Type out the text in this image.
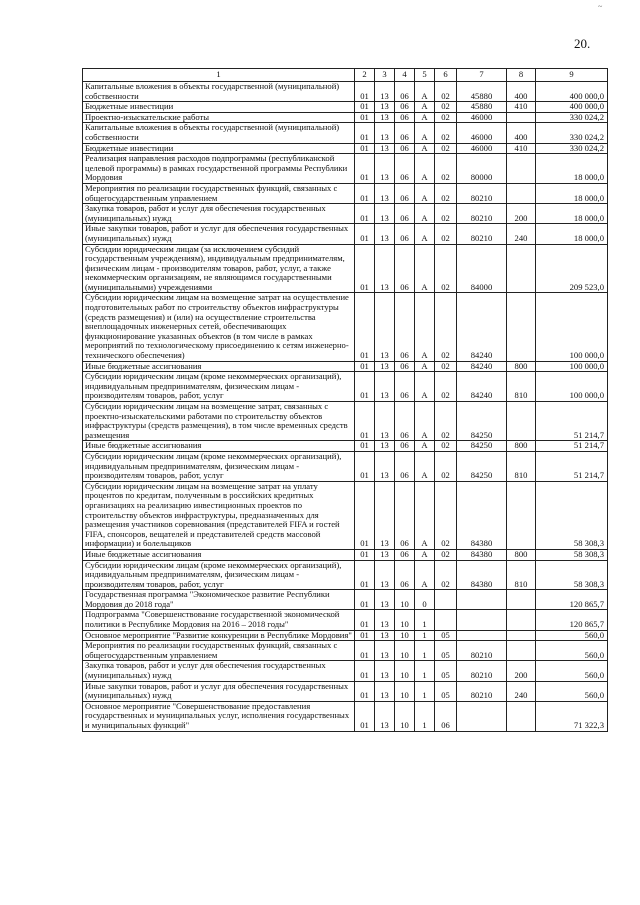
20.
~
1	2	3	4	5	6	7	8	9
Капитальные вложения в объекты государственной (муниципальной) собственности	01	13	06	А	02	45880	400	400 000,0
Бюджетные инвестиции	01	13	06	А	02	45880	410	400 000,0
Проектно-изыскательские работы	01	13	06	А	02	46000		330 024,2
Капитальные вложения в объекты государственной (муниципальной) собственности	01	13	06	А	02	46000	400	330 024,2
Бюджетные инвестиции	01	13	06	А	02	46000	410	330 024,2
Реализация направления расходов подпрограммы (республиканской целевой программы) в рамках государственной программы Республики Мордовия	01	13	06	А	02	80000		18 000,0
Мероприятия по реализации государственных функций, связанных с общегосударственным управлением	01	13	06	А	02	80210		18 000,0
Закупка товаров, работ и услуг для обеспечения государственных (муниципальных) нужд	01	13	06	А	02	80210	200	18 000,0
Иные закупки товаров, работ и услуг для обеспечения государственных (муниципальных) нужд	01	13	06	А	02	80210	240	18 000,0
Субсидии юридическим лицам (за исключением субсидий государственным учреждениям), индивидуальным предпринимателям, физическим лицам - производителям товаров, работ, услуг, а также некоммерческим организациям, не являющимся государственными (муниципальными) учреждениями	01	13	06	А	02	84000		209 523,0
Субсидии юридическим лицам на возмещение затрат на осуществление подготовительных работ по строительству объектов инфраструктуры (средств размещения) и (или) на осуществление строительства внеплощадочных инженерных сетей, обеспечивающих функционирование указанных объектов (в том числе в рамках мероприятий по технологическому присоединению к сетям инженерно-технического обеспечения)	01	13	06	А	02	84240		100 000,0
Иные бюджетные ассигнования	01	13	06	А	02	84240	800	100 000,0
Субсидии юридическим лицам (кроме некоммерческих организаций), индивидуальным предпринимателям, физическим лицам - производителям товаров, работ, услуг	01	13	06	А	02	84240	810	100 000,0
Субсидии юридическим лицам на возмещение затрат, связанных с проектно-изыскательскими работами по строительству объектов инфраструктуры (средств размещения), в том числе временных средств размещения	01	13	06	А	02	84250		51 214,7
Иные бюджетные ассигнования	01	13	06	А	02	84250	800	51 214,7
Субсидии юридическим лицам (кроме некоммерческих организаций), индивидуальным предпринимателям, физическим лицам - производителям товаров, работ, услуг	01	13	06	А	02	84250	810	51 214,7
Субсидии юридическим лицам на возмещение затрат на уплату процентов по кредитам, полученным в российских кредитных организациях на реализацию инвестиционных проектов по строительству объектов инфраструктуры, предназначенных для размещения участников соревнования (представителей FIFA и гостей FIFA, спонсоров, вещателей и представителей средств массовой информации) и болельщиков	01	13	06	А	02	84380		58 308,3
Иные бюджетные ассигнования	01	13	06	А	02	84380	800	58 308,3
Субсидии юридическим лицам (кроме некоммерческих организаций), индивидуальным предпринимателям, физическим лицам - производителям товаров, работ, услуг	01	13	06	А	02	84380	810	58 308,3
Государственная программа "Экономическое развитие Республики Мордовия до 2018 года"	01	13	10	0				120 865,7
Подпрограмма "Совершенствование государственной экономической политики в Республике Мордовия на 2016 – 2018 годы"	01	13	10	1				120 865,7
Основное мероприятие "Развитие конкуренции в Республике Мордовия"	01	13	10	1	05			560,0
Мероприятия по реализации государственных функций, связанных с общегосударственным управлением	01	13	10	1	05	80210		560,0
Закупка товаров, работ и услуг для обеспечения государственных (муниципальных) нужд	01	13	10	1	05	80210	200	560,0
Иные закупки товаров, работ и услуг для обеспечения государственных (муниципальных) нужд	01	13	10	1	05	80210	240	560,0
Основное мероприятие "Совершенствование предоставления государственных и муниципальных услуг, исполнения государственных и муниципальных функций"	01	13	10	1	06			71 322,3
